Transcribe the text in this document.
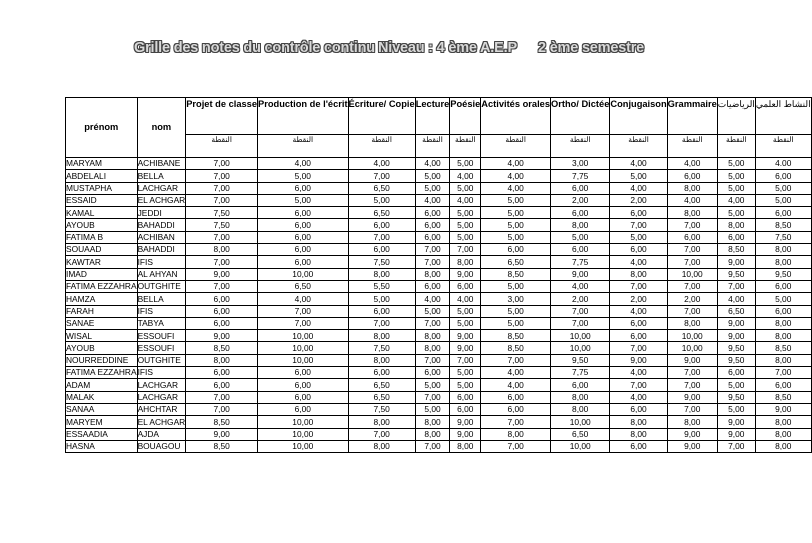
Grille des notes du contrôle continu 1
Niveau : 4 ème A.E.P 2 ème semestre
prénom	nom	Projet de classe	Production de l'écrit	Écriture/ Copie	Lecture	Poésie	Activités orales	Ortho/ Dictée	Conjugaison	Grammaire	الرياضيات	النشاط العلمي
		النقطة	النقطة	النقطة	النقطة	النقطة	النقطة	النقطة	النقطة	النقطة	النقطة	النقطة
MARYAM	ACHIBANE	7,00	4,00	4,00	4,00	5,00	4,00	3,00	4,00	4,00	5,00	4.00
ABDELALI	BELLA	7,00	5,00	7,00	5,00	4,00	4,00	7,75	5,00	6,00	5,00	6,00
MUSTAPHA	LACHGAR	7,00	6,00	6,50	5,00	5,00	4,00	6,00	4,00	8,00	5,00	5,00
ESSAID	EL ACHGAR	7,00	5,00	5,00	4,00	4,00	5,00	2,00	2,00	4,00	4,00	5,00
KAMAL	JEDDI	7,50	6,00	6,50	6,00	5,00	5,00	6,00	6,00	8,00	5,00	6,00
AYOUB	BAHADDI	7,50	6,00	6,00	6,00	5,00	5,00	8,00	7,00	7,00	8,00	8,50
FATIMA B	ACHIBAN	7,00	6,00	7,00	6,00	5,00	5,00	5,00	5,00	6,00	6,00	7,50
SOUAAD	BAHADDI	8,00	6,00	6,00	7,00	7,00	6,00	6,00	6,00	7,00	8,50	8,00
KAWTAR	IFIS	7,00	6,00	7,50	7,00	8,00	6,50	7,75	4,00	7,00	9,00	8,00
IMAD	AL AHYAN	9,00	10,00	8,00	8,00	9,00	8,50	9,00	8,00	10,00	9,50	9,50
FATIMA EZZAHRA	OUTGHITE	7,00	6,50	5,50	6,00	6,00	5,00	4,00	7,00	7,00	7,00	6,00
HAMZA	BELLA	6,00	4,00	5,00	4,00	4,00	3,00	2,00	2,00	2,00	4,00	5,00
FARAH	IFIS	6,00	7,00	6,00	5,00	5,00	5,00	7,00	4,00	7,00	6,50	6,00
SANAE	TABYA	6,00	7,00	7,00	7,00	5,00	5,00	7,00	6,00	8,00	9,00	8,00
WISAL	ESSOUFI	9,00	10,00	8,00	8,00	9,00	8,50	10,00	6,00	10,00	9,00	8,00
AYOUB	ESSOUFI	8,50	10,00	7,50	8,00	9,00	8,50	10,00	7,00	10,00	9,50	8,50
NOURREDDINE	OUTGHITE	8,00	10,00	8,00	7,00	7,00	7,00	9,50	9,00	9,00	9,50	8,00
FATIMA EZZAHRA	IFIS	6,00	6,00	6,00	6,00	5,00	4,00	7,75	4,00	7,00	6,00	7,00
ADAM	LACHGAR	6,00	6,00	6,50	5,00	5,00	4,00	6,00	7,00	7,00	5,00	6,00
MALAK	LACHGAR	7,00	6,00	6,50	7,00	6,00	6,00	8,00	4,00	9,00	9,50	8,50
SANAA	AHCHTAR	7,00	6,00	7,50	5,00	6,00	6,00	8,00	6,00	7,00	5,00	9,00
MARYEM	EL ACHGAR	8,50	10,00	8,00	8,00	9,00	7,00	10,00	8,00	8,00	9,00	8,00
ESSAADIA	AJDA	9,00	10,00	7,00	8,00	9,00	8,00	6,50	8,00	9,00	9,00	8,00
HASNA	BOUAGOU	8,50	10,00	8,00	7,00	8,00	7,00	10,00	6,00	9,00	7,00	8,00
